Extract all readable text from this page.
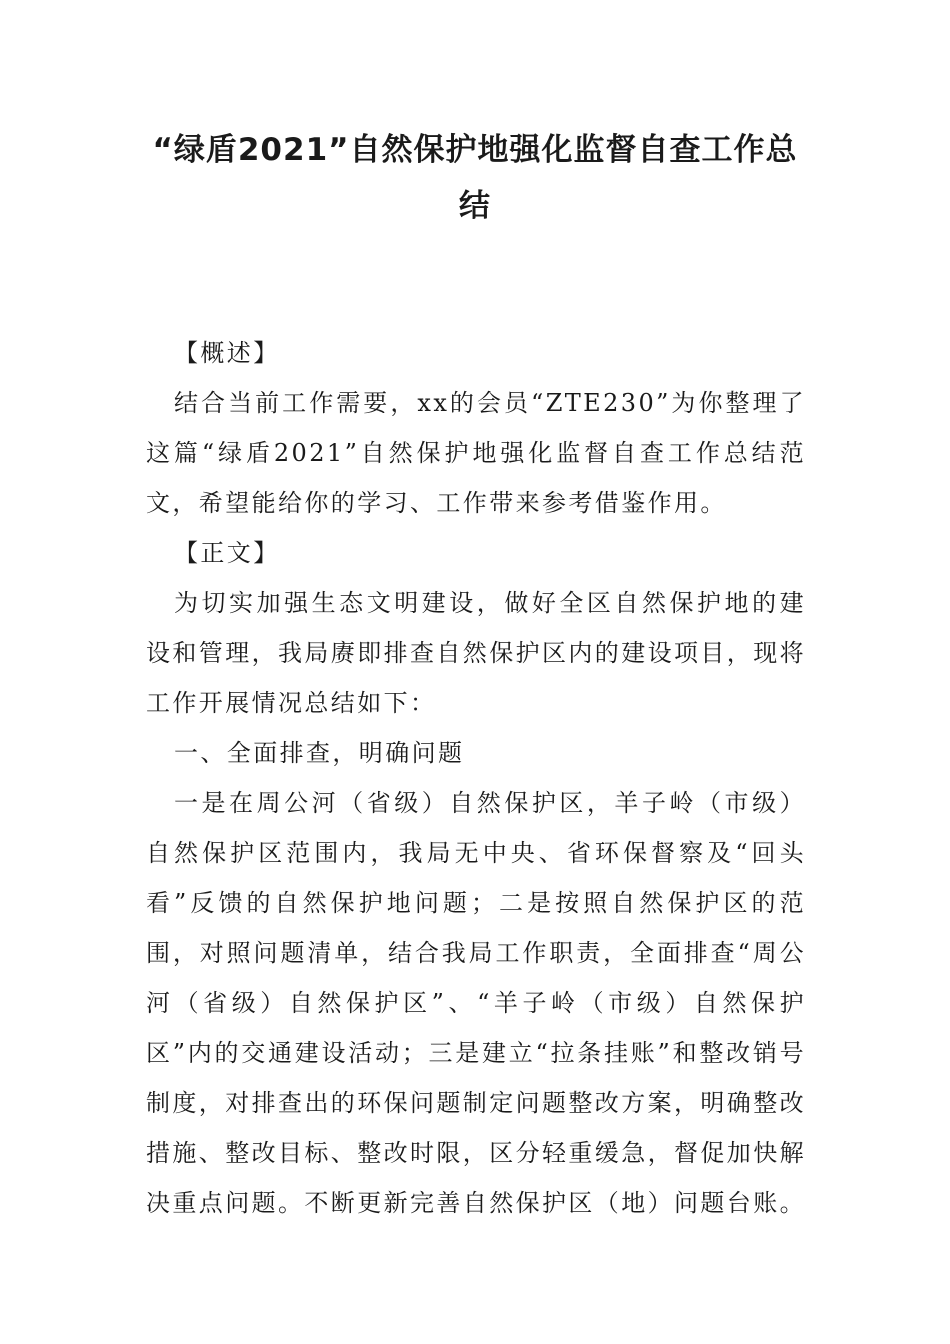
“绿盾2021”自然保护地强化监督自查工作总结

【概述】

结合当前工作需要，xx的会员“ZTE230”为你整理了这篇“绿盾2021”自然保护地强化监督自查工作总结范文，希望能给你的学习、工作带来参考借鉴作用。

【正文】

为切实加强生态文明建设，做好全区自然保护地的建设和管理，我局赓即排查自然保护区内的建设项目，现将工作开展情况总结如下：

一、全面排查，明确问题

一是在周公河（省级）自然保护区，羊子岭（市级）自然保护区范围内，我局无中央、省环保督察及“回头看”反馈的自然保护地问题；二是按照自然保护区的范围，对照问题清单，结合我局工作职责，全面排查“周公河（省级）自然保护区”、“羊子岭（市级）自然保护区”内的交通建设活动；三是建立“拉条挂账”和整改销号制度，对排查出的环保问题制定问题整改方案，明确整改措施、整改目标、整改时限，区分轻重缓急，督促加快解决重点问题。不断更新完善自然保护区（地）问题台账。
